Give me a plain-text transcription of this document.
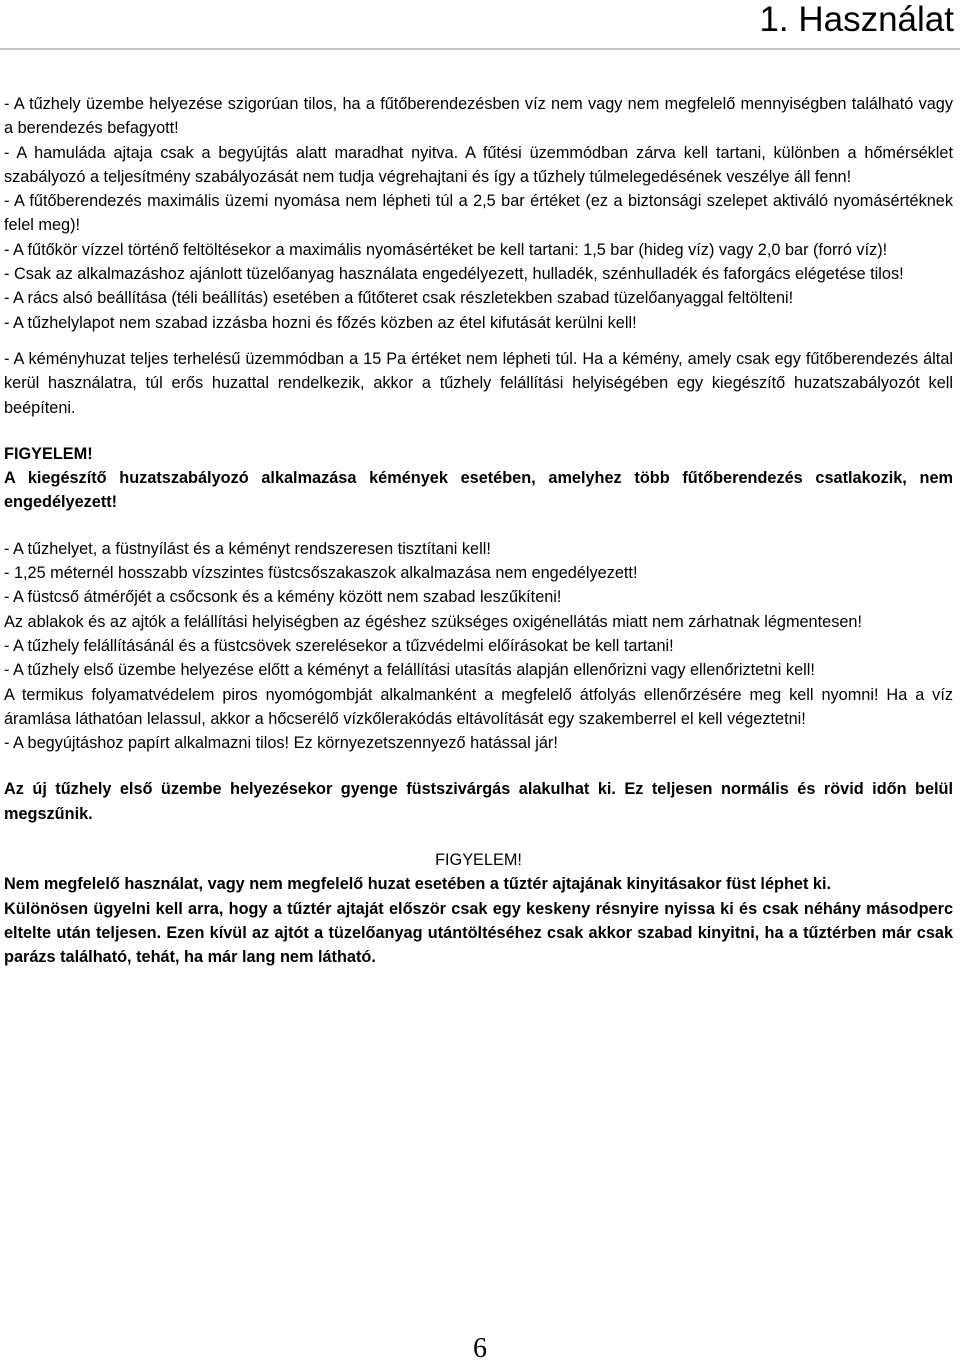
1. Használat

- A tűzhely üzembe helyezése szigorúan tilos, ha a fűtőberendezésben víz nem vagy nem megfelelő mennyiségben található vagy a berendezés befagyott!

- A hamuláda ajtaja csak a begyújtás alatt maradhat nyitva. A fűtési üzemmódban zárva kell tartani, különben a hőmérséklet szabályozó a teljesítmény szabályozását nem tudja végrehajtani és így a tűzhely túlmelegedésének veszélye áll fenn!

- A fűtőberendezés maximális üzemi nyomása nem lépheti túl a 2,5 bar értéket (ez a biztonsági szelepet aktiváló nyomásértéknek felel meg)!

- A fűtőkör vízzel történő feltöltésekor a maximális nyomásértéket be kell tartani: 1,5 bar (hideg víz) vagy 2,0 bar (forró víz)!

- Csak az alkalmazáshoz ajánlott tüzelőanyag használata engedélyezett, hulladék, szénhulladék és faforgács elégetése tilos!

- A rács alsó beállítása (téli beállítás) esetében a fűtőteret csak részletekben szabad tüzelőanyaggal feltölteni!

- A tűzhelylapot nem szabad izzásba hozni és főzés közben az étel kifutását kerülni kell!

- A kéményhuzat teljes terhelésű üzemmódban a 15 Pa értéket nem lépheti túl. Ha a kémény, amely csak egy fűtőberendezés által kerül használatra, túl erős huzattal rendelkezik, akkor a tűzhely felállítási helyiségében egy kiegészítő huzatszabályozót kell beépíteni.

FIGYELEM!

A kiegészítő huzatszabályozó alkalmazása kémények esetében, amelyhez több fűtőberendezés csatlakozik, nem engedélyezett!

- A tűzhelyet, a füstnyílást és a kéményt rendszeresen tisztítani kell!

- 1,25 méternél hosszabb vízszintes füstcsőszakaszok alkalmazása nem engedélyezett!

- A füstcső átmérőjét a csőcsonk és a kémény között nem szabad leszűkíteni!

Az ablakok és az ajtók a felállítási helyiségben az égéshez szükséges oxigénellátás miatt nem zárhatnak légmentesen!

- A tűzhely felállításánál és a füstcsövek szerelésekor a tűzvédelmi előírásokat be kell tartani!

- A tűzhely első üzembe helyezése előtt a kéményt a felállítási utasítás alapján ellenőrizni vagy ellenőriztetni kell!

A termikus folyamatvédelem piros nyomógombját alkalmanként a megfelelő átfolyás ellenőrzésére meg kell nyomni! Ha a víz áramlása láthatóan lelassul, akkor a hőcserélő vízkőlerakódás eltávolítását egy szakemberrel el kell végeztetni!

- A begyújtáshoz papírt alkalmazni tilos! Ez környezetszennyező hatással jár!

Az új tűzhely első üzembe helyezésekor gyenge füstszivárgás alakulhat ki. Ez teljesen normális és rövid időn belül megszűnik.

FIGYELEM!

Nem megfelelő használat, vagy nem megfelelő huzat esetében a tűztér ajtajának kinyitásakor füst léphet ki.

Különösen ügyelni kell arra, hogy a tűztér ajtaját először csak egy keskeny résnyire nyissa ki és csak néhány másodperc eltelte után teljesen. Ezen kívül az ajtót a tüzelőanyag utántöltéséhez csak akkor szabad kinyitni, ha a tűztérben már csak parázs található, tehát, ha már lang nem látható.

6
